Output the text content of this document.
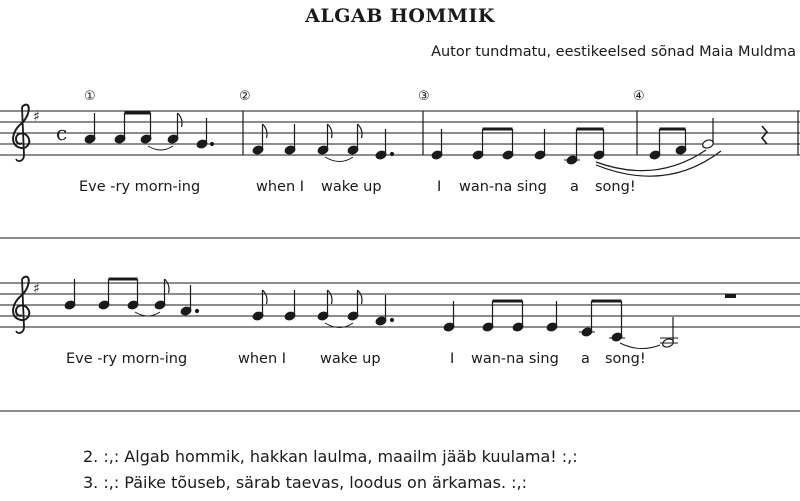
ALGAB HOMMIK
Autor tundmatu, eestikeelsed sõnad Maia Muldma
♯
c
①	②	③	④
♯
Eve -ry morn-ing	when I wake up	I wan-na sing a song!
Eve -ry morn-ing	when I wake up	I wan-na sing a song!
2. :,: Algab hommik, hakkan laulma, maailm jääb kuulama! :,:
3. :,: Päike tõuseb, särab taevas, loodus on ärkamas. :,:
